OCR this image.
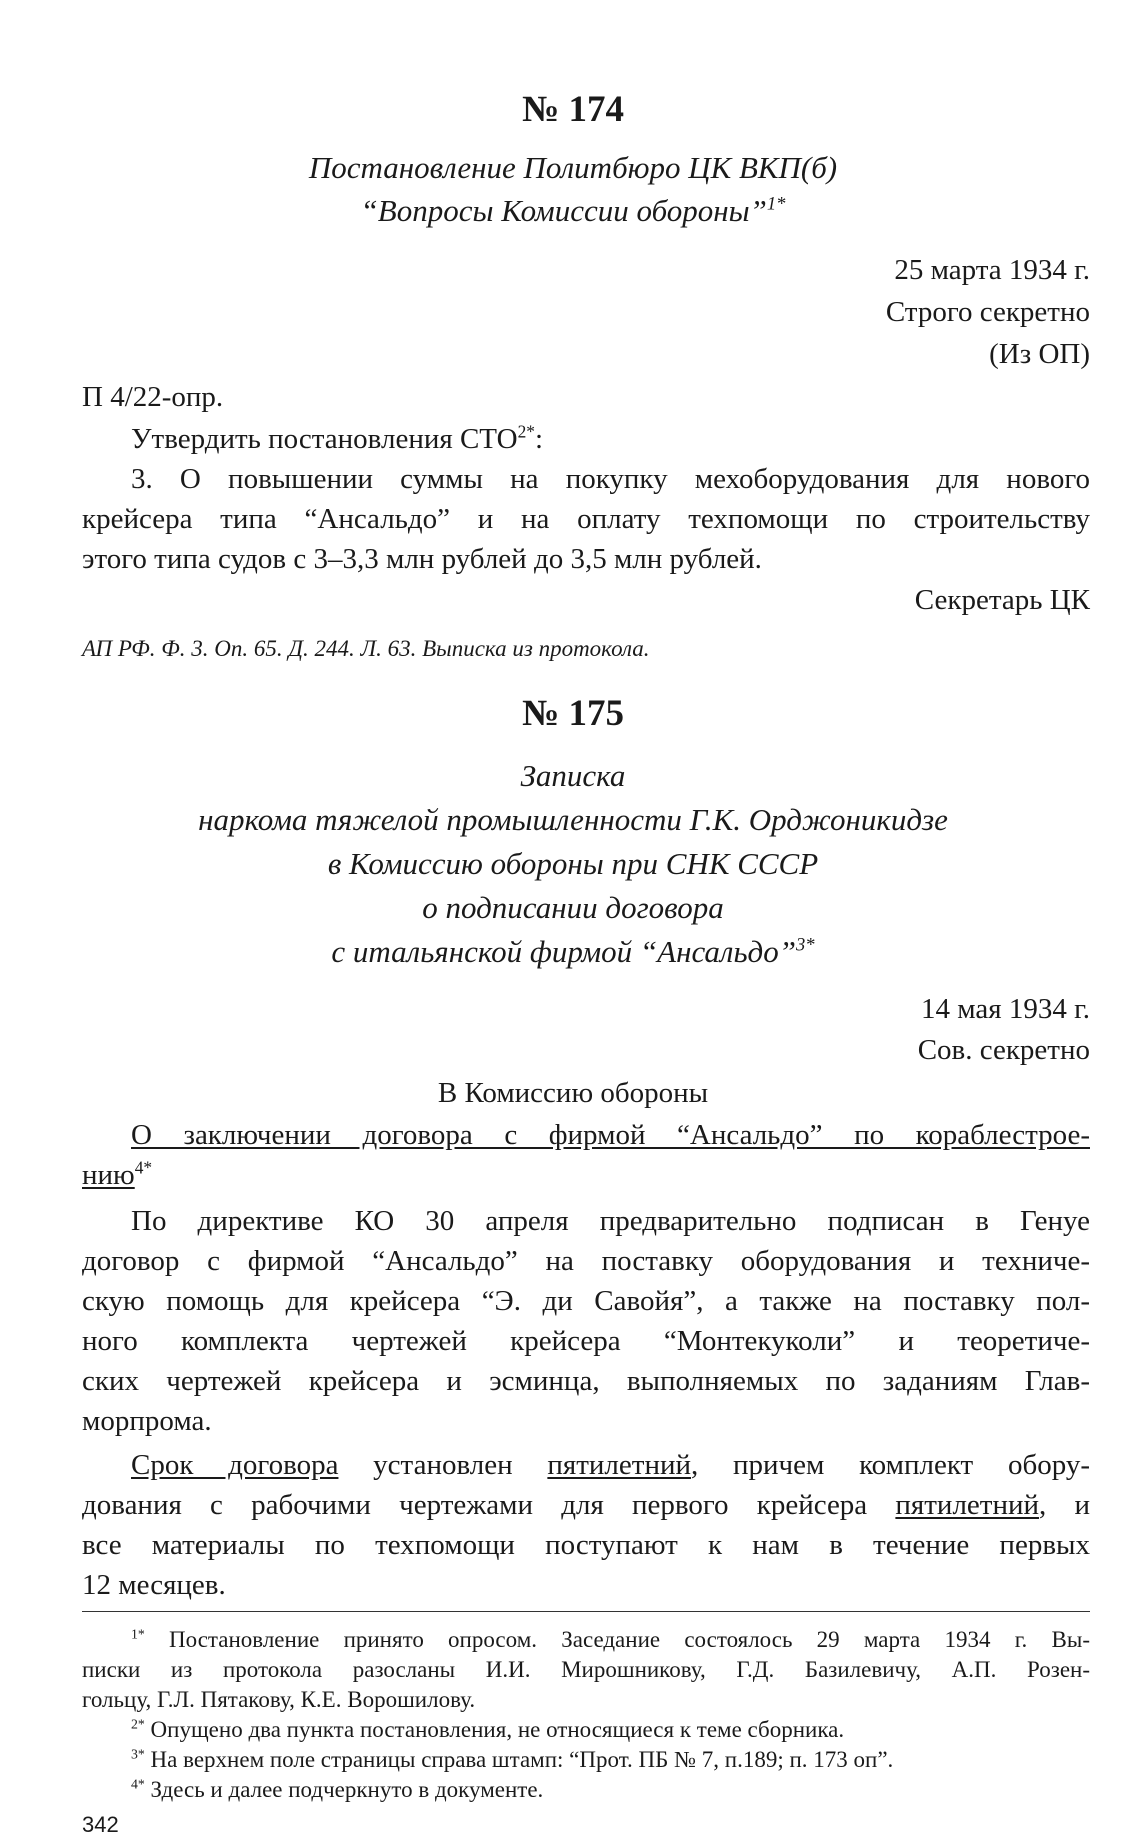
№ 174
Постановление Политбюро ЦК ВКП(б)
“Вопросы Комиссии обороны”$^{1*}$
25 марта 1934 г.
Строго секретно
(Из ОП)
П 4/22-опр.
Утвердить постановления $СТО^{2*}$:
3. О повышении суммы на покупку мехоборудования для нового
крейсера типа “Ансальдо” и на оплату техпомощи по строительству
этого типа судов с 3–3,3 млн рублей до 3,5 млн рублей.
Секретарь ЦК
АП РФ. Ф. 3. Оп. 65. Д. 244. Л. 63. Выписка из протокола.
№ 175
Записка
наркома тяжелой промышленности Г.К. Орджоникидзе
в Комиссию обороны при СНК СССР
о подписании договора
с итальянской фирмой “Ансальдо”$^{3*}$
14 мая 1934 г.
Сов. секретно
В Комиссию обороны
О заключении договора с фирмой “Ансальдо” по кораблестрое-
нию$^{4*}$
По директиве КО 30 апреля предварительно подписан в Генуе
договор с фирмой “Ансальдо” на поставку оборудования и техниче-
скую помощь для крейсера “Э. ди Савойя”, а также на поставку пол-
ного комплекта чертежей крейсера “Монтекуколи” и теоретиче-
ских чертежей крейсера и эсминца, выполняемых по заданиям Глав-
морпрома.
Срок договора установлен пятилетний, причем комплект обору-
дования с рабочими чертежами для первого крейсера пятилетний, и
все материалы по техпомощи поступают к нам в течение первых
12 месяцев.
$^{1*}$ Постановление принято опросом. Заседание состоялось 29 марта 1934 г. Вы-
писки из протокола разосланы И.И. Мирошникову, Г.Д. Базилевичу, А.П. Розен-
гольцу, Г.Л. Пятакову, К.Е. Ворошилову.
$^{2*}$ Опущено два пункта постановления, не относящиеся к теме сборника.
$^{3*}$ На верхнем поле страницы справа штамп: “Прот. ПБ № 7, п.189; п. 173 оп”.
$^{4*}$ Здесь и далее подчеркнуто в документе.
342
